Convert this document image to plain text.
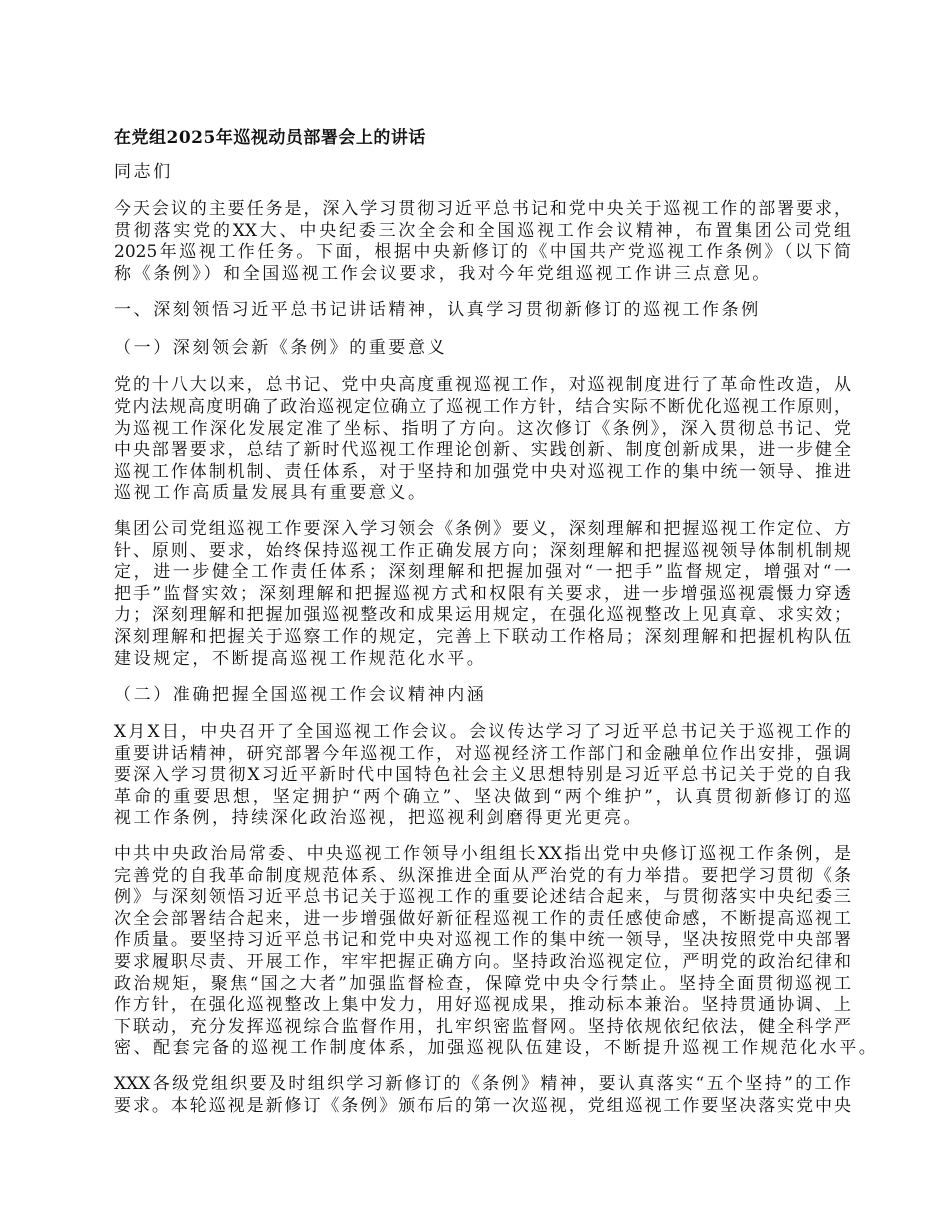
在党组2025年巡视动员部署会上的讲话
同志们
今天会议的主要任务是，深入学习贯彻习近平总书记和党中央关于巡视工作的部署要求，
贯彻落实党的XX大、中央纪委三次全会和全国巡视工作会议精神，布置集团公司党组
2025年巡视工作任务。下面，根据中央新修订的《中国共产党巡视工作条例》（以下简
称《条例》）和全国巡视工作会议要求，我对今年党组巡视工作讲三点意见。
一、深刻领悟习近平总书记讲话精神，认真学习贯彻新修订的巡视工作条例
（一）深刻领会新《条例》的重要意义
党的十八大以来，总书记、党中央高度重视巡视工作，对巡视制度进行了革命性改造，从
党内法规高度明确了政治巡视定位确立了巡视工作方针，结合实际不断优化巡视工作原则，
为巡视工作深化发展定准了坐标、指明了方向。这次修订《条例》，深入贯彻总书记、党
中央部署要求，总结了新时代巡视工作理论创新、实践创新、制度创新成果，进一步健全
巡视工作体制机制、责任体系，对于坚持和加强党中央对巡视工作的集中统一领导、推进
巡视工作高质量发展具有重要意义。
集团公司党组巡视工作要深入学习领会《条例》要义，深刻理解和把握巡视工作定位、方
针、原则、要求，始终保持巡视工作正确发展方向；深刻理解和把握巡视领导体制机制规
定，进一步健全工作责任体系；深刻理解和把握加强对“一把手”监督规定，增强对“一
把手”监督实效；深刻理解和把握巡视方式和权限有关要求，进一步增强巡视震慑力穿透
力；深刻理解和把握加强巡视整改和成果运用规定，在强化巡视整改上见真章、求实效；
深刻理解和把握关于巡察工作的规定，完善上下联动工作格局；深刻理解和把握机构队伍
建设规定，不断提高巡视工作规范化水平。
（二）准确把握全国巡视工作会议精神内涵
X月X日，中央召开了全国巡视工作会议。会议传达学习了习近平总书记关于巡视工作的
重要讲话精神，研究部署今年巡视工作，对巡视经济工作部门和金融单位作出安排，强调
要深入学习贯彻X习近平新时代中国特色社会主义思想特别是习近平总书记关于党的自我
革命的重要思想，坚定拥护“两个确立”、坚决做到“两个维护”，认真贯彻新修订的巡
视工作条例，持续深化政治巡视，把巡视利剑磨得更光更亮。
中共中央政治局常委、中央巡视工作领导小组组长XX指出党中央修订巡视工作条例，是
完善党的自我革命制度规范体系、纵深推进全面从严治党的有力举措。要把学习贯彻《条
例》与深刻领悟习近平总书记关于巡视工作的重要论述结合起来，与贯彻落实中央纪委三
次全会部署结合起来，进一步增强做好新征程巡视工作的责任感使命感，不断提高巡视工
作质量。要坚持习近平总书记和党中央对巡视工作的集中统一领导，坚决按照党中央部署
要求履职尽责、开展工作，牢牢把握正确方向。坚持政治巡视定位，严明党的政治纪律和
政治规矩，聚焦“国之大者”加强监督检查，保障党中央令行禁止。坚持全面贯彻巡视工
作方针，在强化巡视整改上集中发力，用好巡视成果，推动标本兼治。坚持贯通协调、上
下联动，充分发挥巡视综合监督作用，扎牢织密监督网。坚持依规依纪依法，健全科学严
密、配套完备的巡视工作制度体系，加强巡视队伍建设，不断提升巡视工作规范化水平。
XXX各级党组织要及时组织学习新修订的《条例》精神，要认真落实“五个坚持”的工作
要求。本轮巡视是新修订《条例》颁布后的第一次巡视，党组巡视工作要坚决落实党中央
